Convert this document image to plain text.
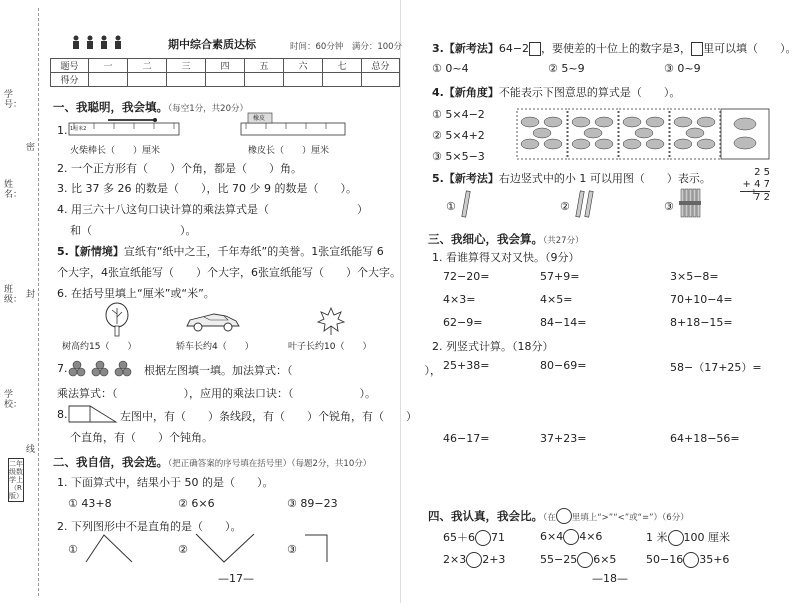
学号：
密
姓名：
封
班级：
学校：
线
二年级数学上（R版）
期中综合素质达标	时间：60分钟　满分：100分
题号	一	二	三	四	五	六	七	总分
得分								
一、我聪明，我会填。（每空1分，共20分）
1. 1厘米2
橡皮
火柴棒长（　　）厘米	橡皮长（　　）厘米
2. 一个正方形有（　　）个角，都是（　　）角。
3. 比 37 多 26 的数是（　　），比 70 少 9 的数是（　　）。
4. 用三六十八这句口诀计算的乘法算式是（　　　　　　　　）
和（　　　　　　　　）。
5.【新情境】宣纸有“纸中之王，千年寿纸”的美誉。1张宣纸能写 6
个大字，4张宣纸能写（　　）个大字，6张宣纸能写（　　）个大字。
6. 在括号里填上“厘米”或“米”。
树高约15（　　）	轿车长约4（　　）	叶子长约10（　　）
7.	根据左图填一填。加法算式：（　　　　　　　　　　　　），
乘法算式：（　　　　　　），应用的乘法口诀：（　　　　　　）。
8.	左图中，有（　　）条线段，有（　　）个锐角，有（　　）
个直角，有（　　）个钝角。
二、我自信，我会选。（把正确答案的序号填在括号里）（每题2分，共10分）
1. 下面算式中，结果小于 50 的是（　　）。
① 43+8	② 6×6	③ 89−23
2. 下列图形中不是直角的是（　　）。
①	②	③
—17—
3.【新考法】64−2 ，要使差的十位上的数字是3， 里可以填（　　）。
① 0~4	② 5~9	③ 0~9
4.【新角度】不能表示下图意思的算式是（　　）。
① 5×4−2
② 5×4+2
③ 5×5−3
5.【新考法】右边竖式中的小 1 可以用图（　　）表示。	2 5
+ 4 7
7 2
1
①	②	③
三、我细心，我会算。（共27分）
1. 看谁算得又对又快。（9分）
72−20=	57+9=	3×5−8=
4×3=	4×5=	70+10−4=
62−9=	84−14=	8+18−15=
2. 列竖式计算。（18分）
25+38=	80−69=	58−（17+25）=
46−17=	37+23=	64+18−56=
四、我认真，我会比。（在 里填上“>”“<”或“=”）（6分）
65＋6 71	6×4 4×6	1 米 100 厘米
2×3 2+3	55−25 6×5	50−16 35+6
—18—
